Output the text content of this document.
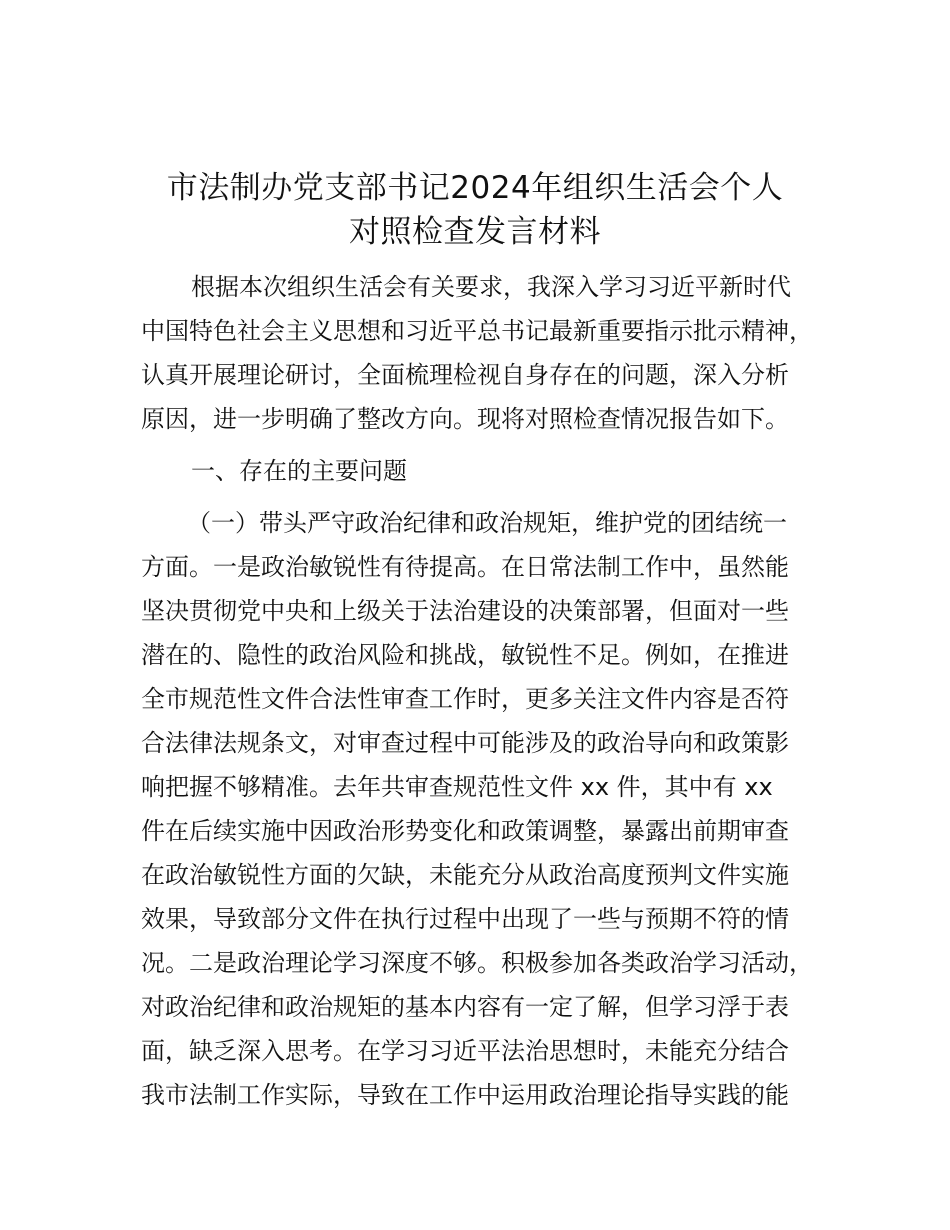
市法制办党支部书记2024年组织生活会个人
对照检查发言材料
根据本次组织生活会有关要求，我深入学习习近平新时代
中国特色社会主义思想和习近平总书记最新重要指示批示精神，
认真开展理论研讨，全面梳理检视自身存在的问题，深入分析
原因，进一步明确了整改方向。现将对照检查情况报告如下。
一、存在的主要问题
（一）带头严守政治纪律和政治规矩，维护党的团结统一
方面。一是政治敏锐性有待提高。在日常法制工作中，虽然能
坚决贯彻党中央和上级关于法治建设的决策部署，但面对一些
潜在的、隐性的政治风险和挑战，敏锐性不足。例如，在推进
全市规范性文件合法性审查工作时，更多关注文件内容是否符
合法律法规条文，对审查过程中可能涉及的政治导向和政策影
响把握不够精准。去年共审查规范性文件 xx 件，其中有 xx
件在后续实施中因政治形势变化和政策调整，暴露出前期审查
在政治敏锐性方面的欠缺，未能充分从政治高度预判文件实施
效果，导致部分文件在执行过程中出现了一些与预期不符的情
况。二是政治理论学习深度不够。积极参加各类政治学习活动，
对政治纪律和政治规矩的基本内容有一定了解，但学习浮于表
面，缺乏深入思考。在学习习近平法治思想时，未能充分结合
我市法制工作实际，导致在工作中运用政治理论指导实践的能
